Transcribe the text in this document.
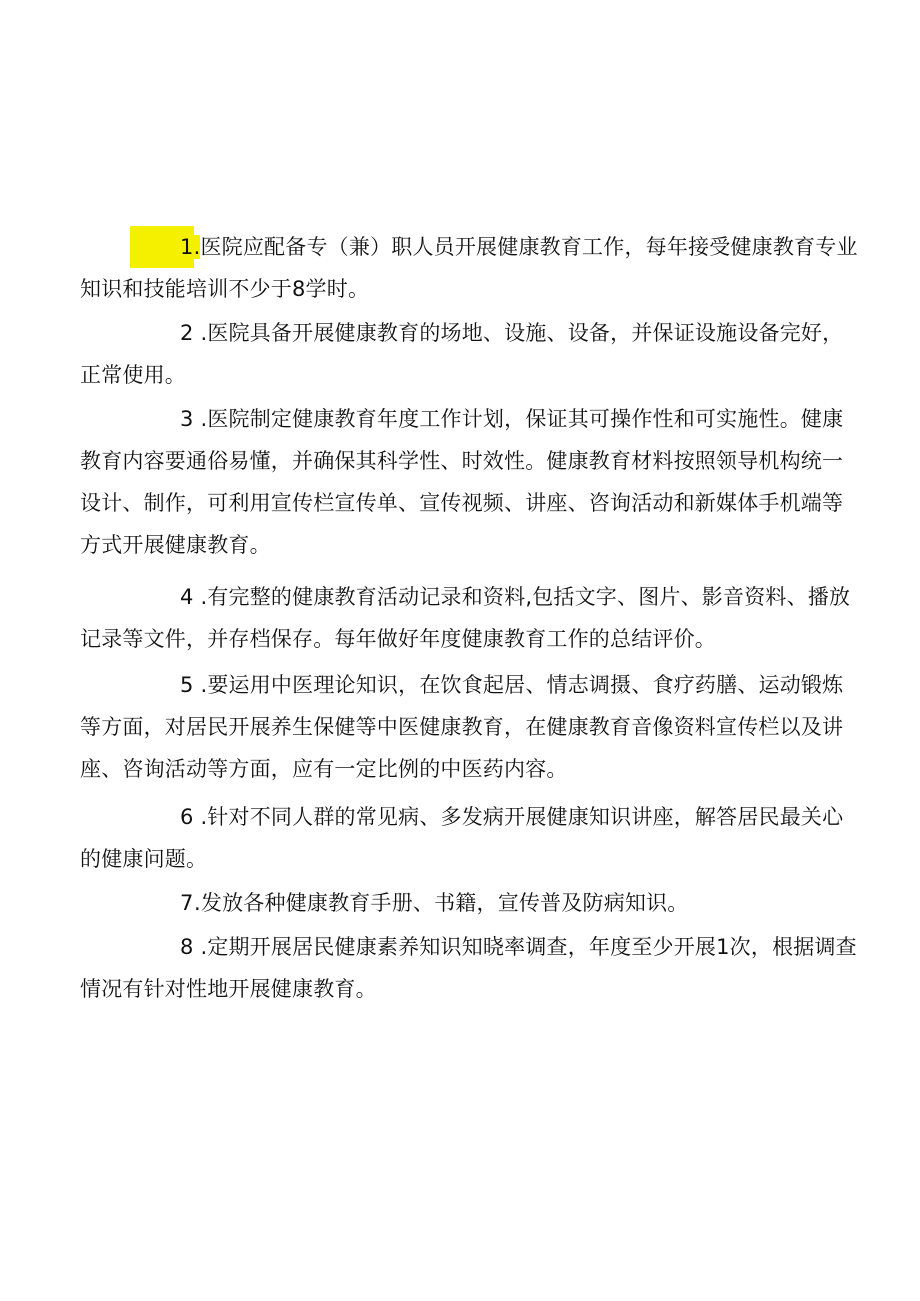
1.医院应配备专（兼）职人员开展健康教育工作，每年接受健康教育专业知识和技能培训不少于8学时。

2 .医院具备开展健康教育的场地、设施、设备，并保证设施设备完好，正常使用。

3 .医院制定健康教育年度工作计划，保证其可操作性和可实施性。健康教育内容要通俗易懂，并确保其科学性、时效性。健康教育材料按照领导机构统一设计、制作，可利用宣传栏宣传单、宣传视频、讲座、咨询活动和新媒体手机端等方式开展健康教育。

4 .有完整的健康教育活动记录和资料,包括文字、图片、影音资料、播放记录等文件，并存档保存。每年做好年度健康教育工作的总结评价。

5 .要运用中医理论知识，在饮食起居、情志调摄、食疗药膳、运动锻炼等方面，对居民开展养生保健等中医健康教育，在健康教育音像资料宣传栏以及讲座、咨询活动等方面，应有一定比例的中医药内容。

6 .针对不同人群的常见病、多发病开展健康知识讲座，解答居民最关心的健康问题。

7.发放各种健康教育手册、书籍，宣传普及防病知识。

8 .定期开展居民健康素养知识知晓率调查，年度至少开展1次，根据调查情况有针对性地开展健康教育。
